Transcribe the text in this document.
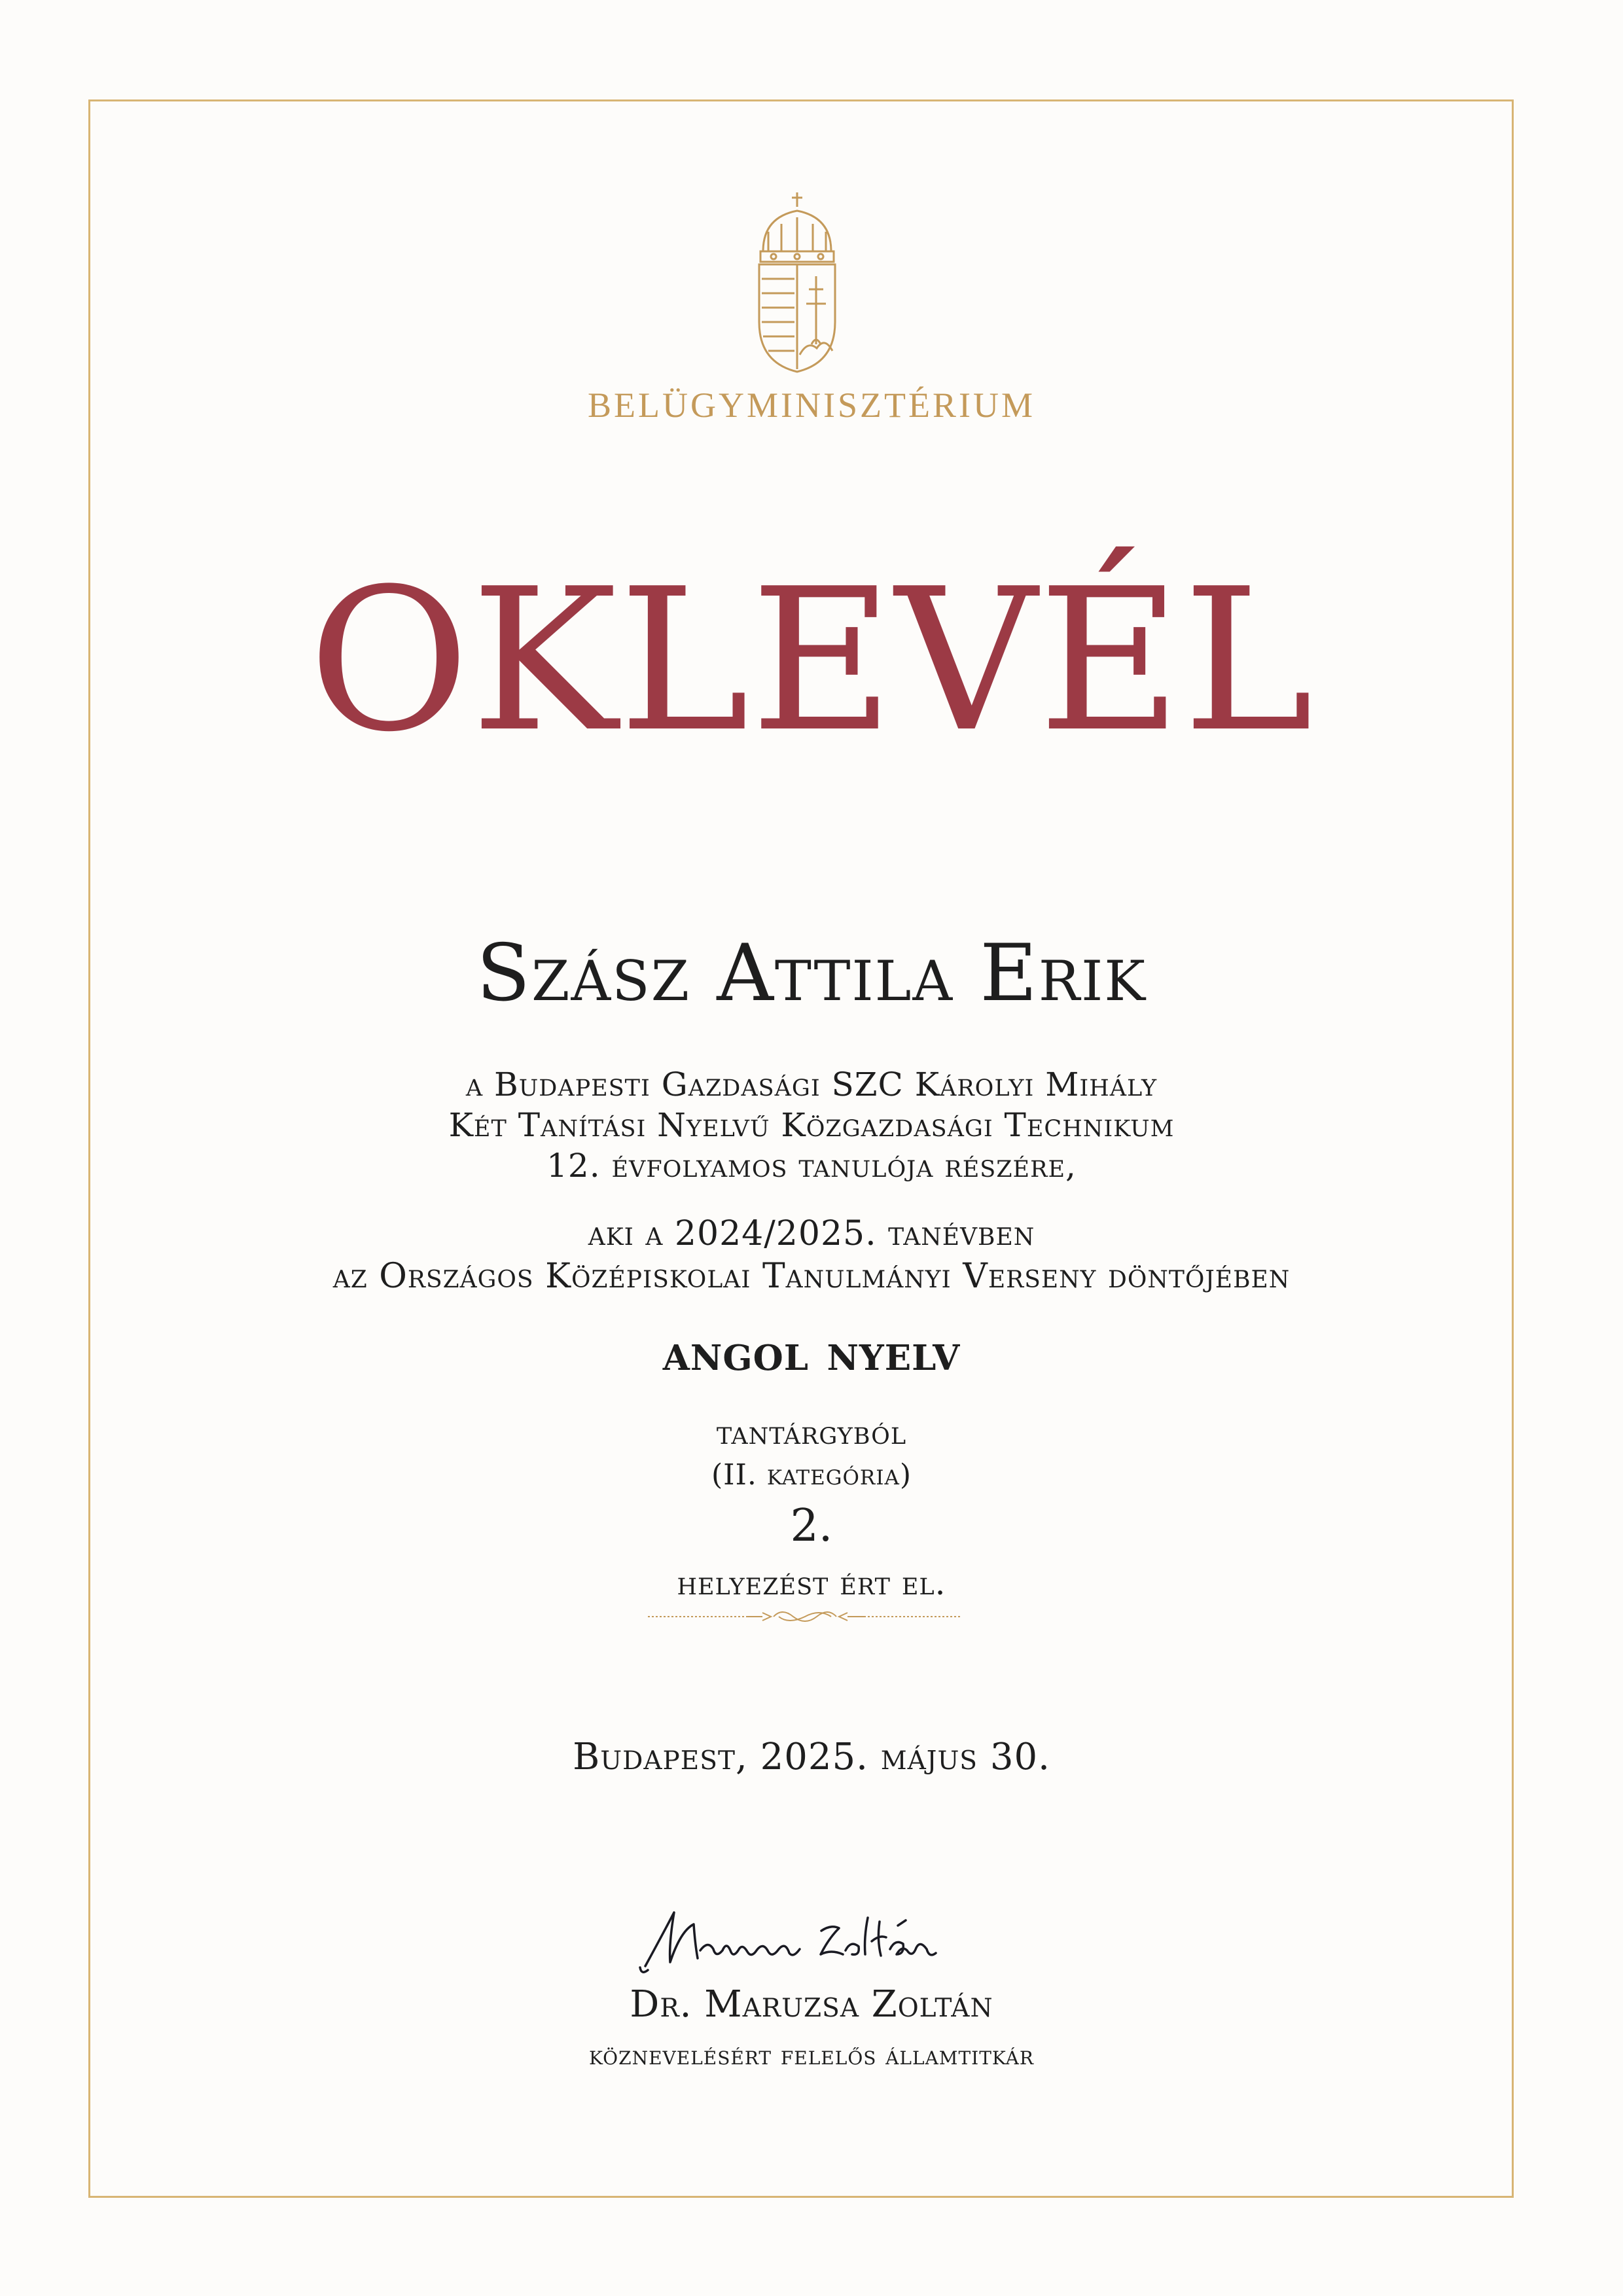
BELÜGYMINISZTÉRIUM
OKLEVÉL
Szász Attila Erik
a Budapesti Gazdasági SZC Károlyi Mihály
Két Tanítási Nyelvű Közgazdasági Technikum
12. évfolyamos tanulója részére,
aki a 2024/2025. tanévben
az Országos Középiskolai Tanulmányi Verseny döntőjében
angol nyelv
tantárgyból
(II. kategória)
2.
helyezést ért el.
Budapest, 2025. május 30.
Dr. Maruzsa Zoltán
köznevelésért felelős államtitkár
